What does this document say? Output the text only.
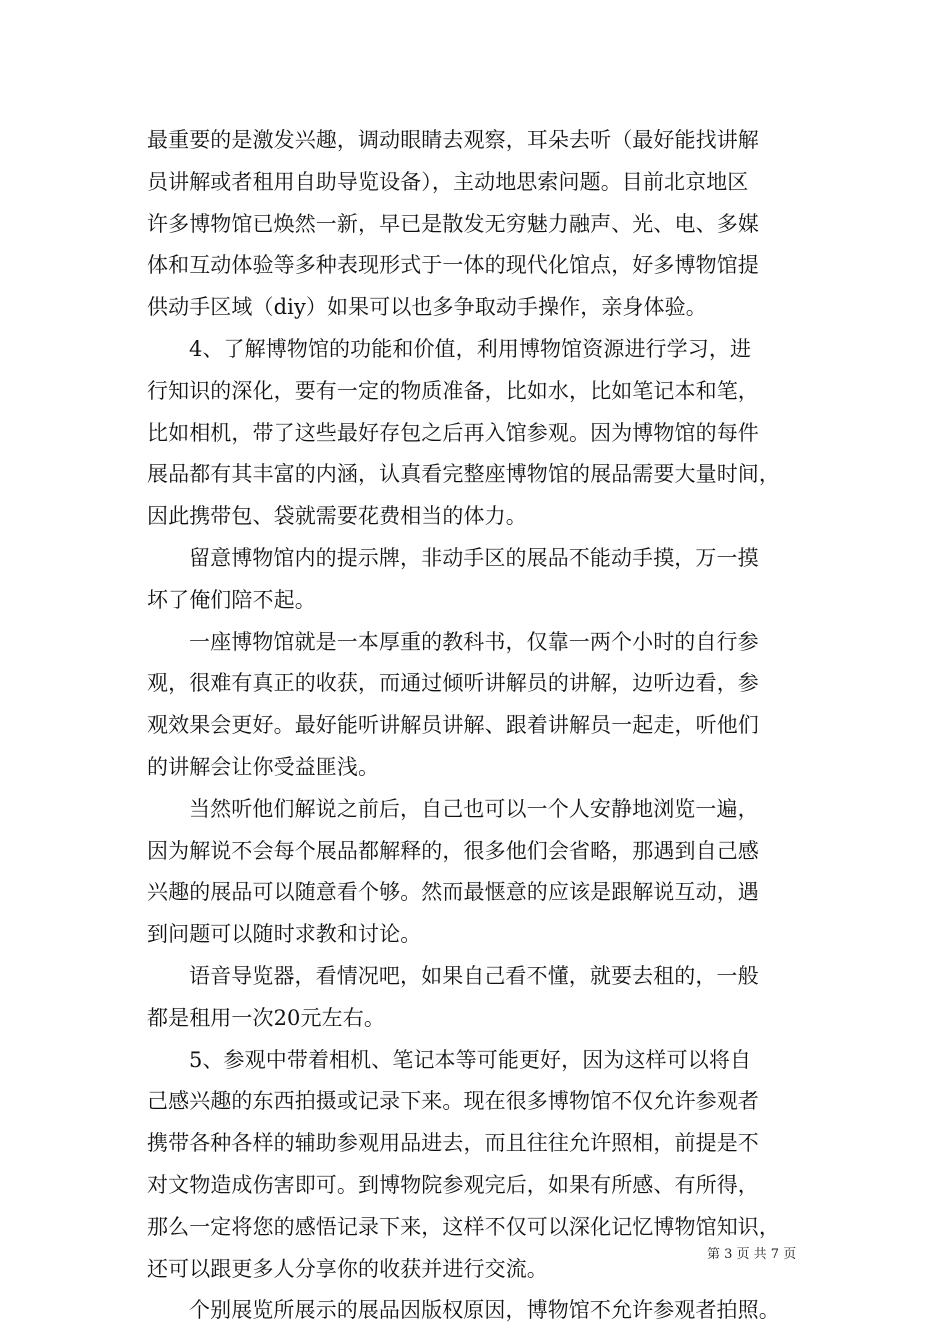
最重要的是激发兴趣，调动眼睛去观察，耳朵去听（最好能找讲解
员讲解或者租用自助导览设备），主动地思索问题。目前北京地区
许多博物馆已焕然一新，早已是散发无穷魅力融声、光、电、多媒
体和互动体验等多种表现形式于一体的现代化馆点，好多博物馆提
供动手区域（diy）如果可以也多争取动手操作，亲身体验。
4、了解博物馆的功能和价值，利用博物馆资源进行学习，进
行知识的深化，要有一定的物质准备，比如水，比如笔记本和笔，
比如相机，带了这些最好存包之后再入馆参观。因为博物馆的每件
展品都有其丰富的内涵，认真看完整座博物馆的展品需要大量时间，
因此携带包、袋就需要花费相当的体力。
留意博物馆内的提示牌，非动手区的展品不能动手摸，万一摸
坏了俺们陪不起。
一座博物馆就是一本厚重的教科书，仅靠一两个小时的自行参
观，很难有真正的收获，而通过倾听讲解员的讲解，边听边看，参
观效果会更好。最好能听讲解员讲解、跟着讲解员一起走，听他们
的讲解会让你受益匪浅。
当然听他们解说之前后，自己也可以一个人安静地浏览一遍，
因为解说不会每个展品都解释的，很多他们会省略，那遇到自己感
兴趣的展品可以随意看个够。然而最惬意的应该是跟解说互动，遇
到问题可以随时求教和讨论。
语音导览器，看情况吧，如果自己看不懂，就要去租的，一般
都是租用一次20元左右。
5、参观中带着相机、笔记本等可能更好，因为这样可以将自
己感兴趣的东西拍摄或记录下来。现在很多博物馆不仅允许参观者
携带各种各样的辅助参观用品进去，而且往往允许照相，前提是不
对文物造成伤害即可。到博物院参观完后，如果有所感、有所得，
那么一定将您的感悟记录下来，这样不仅可以深化记忆博物馆知识，
还可以跟更多人分享你的收获并进行交流。
个别展览所展示的展品因版权原因，博物馆不允许参观者拍照。
第 3 页 共 7 页
